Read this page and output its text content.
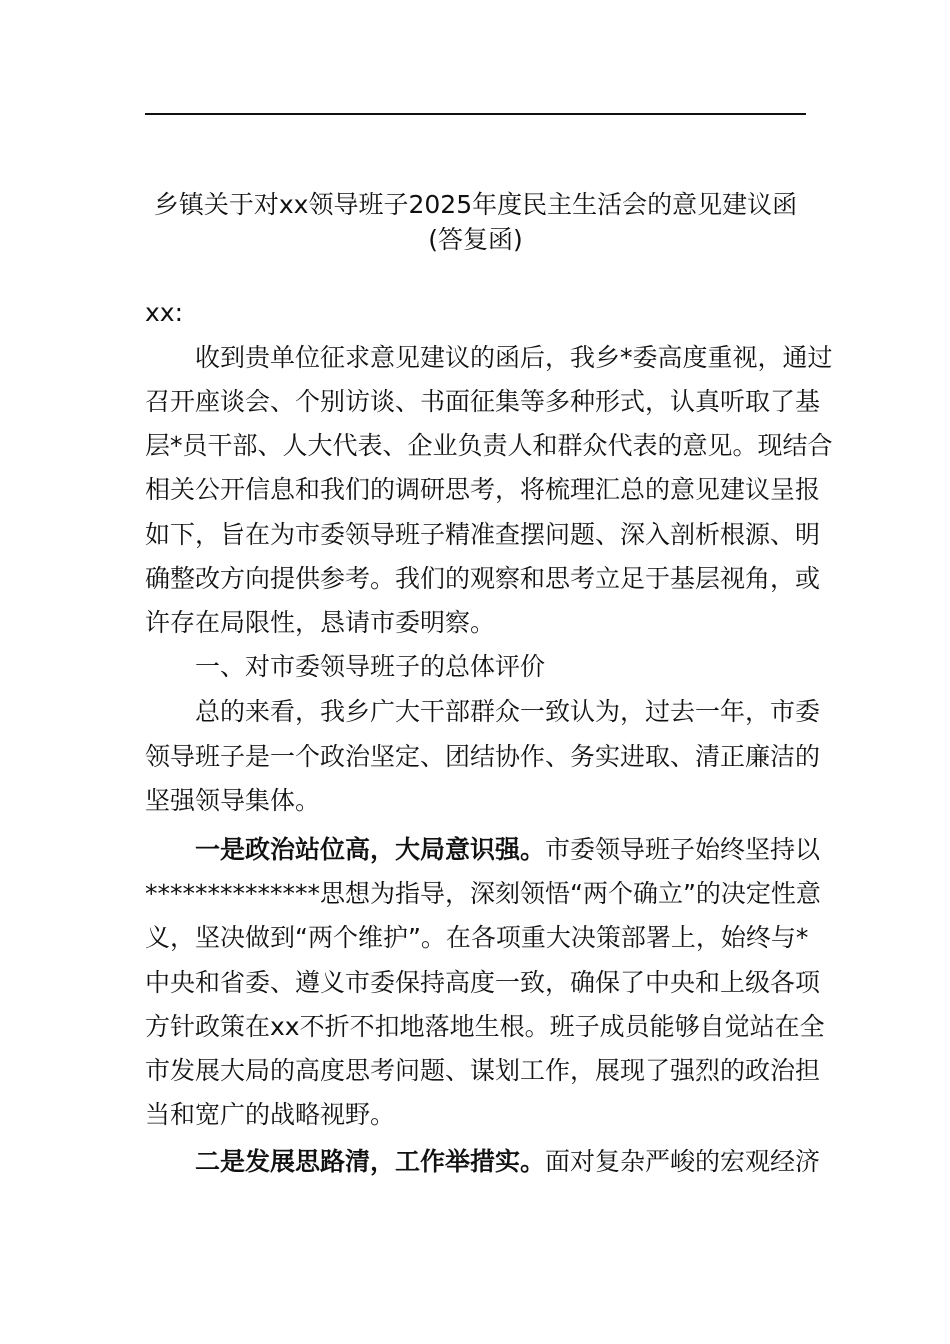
乡镇关于对xx领导班子2025年度民主生活会的意见建议函
(答复函)
xx:
收到贵单位征求意见建议的函后，我乡*委高度重视，通过
召开座谈会、个别访谈、书面征集等多种形式，认真听取了基
层*员干部、人大代表、企业负责人和群众代表的意见。现结合
相关公开信息和我们的调研思考，将梳理汇总的意见建议呈报
如下，旨在为市委领导班子精准查摆问题、深入剖析根源、明
确整改方向提供参考。我们的观察和思考立足于基层视角，或
许存在局限性，恳请市委明察。
一、对市委领导班子的总体评价
总的来看，我乡广大干部群众一致认为，过去一年，市委
领导班子是一个政治坚定、团结协作、务实进取、清正廉洁的
坚强领导集体。
一是政治站位高，大局意识强。市委领导班子始终坚持以
**************思想为指导，深刻领悟“两个确立”的决定性意
义，坚决做到“两个维护”。在各项重大决策部署上，始终与*
中央和省委、遵义市委保持高度一致，确保了中央和上级各项
方针政策在xx不折不扣地落地生根。班子成员能够自觉站在全
市发展大局的高度思考问题、谋划工作，展现了强烈的政治担
当和宽广的战略视野。
二是发展思路清，工作举措实。面对复杂严峻的宏观经济
